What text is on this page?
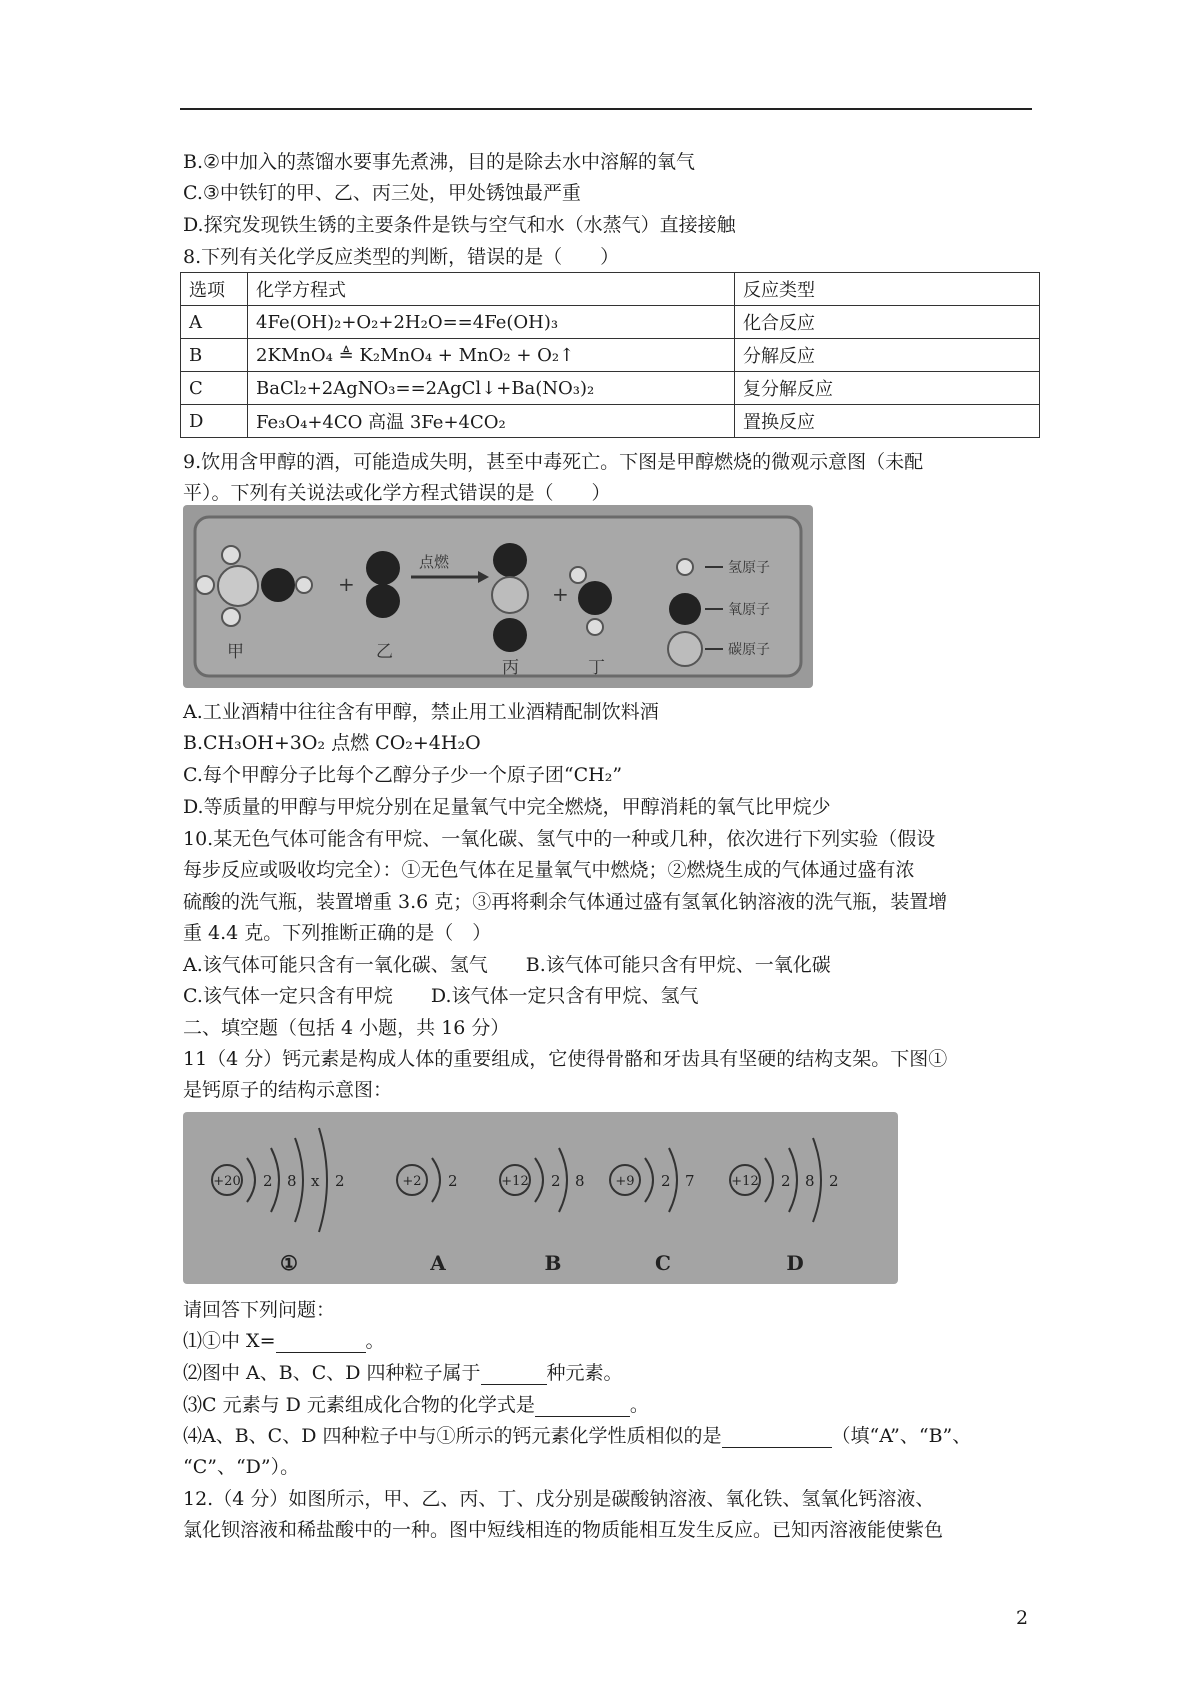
B.②中加入的蒸馏水要事先煮沸，目的是除去水中溶解的氧气
C.③中铁钉的甲、乙、丙三处，甲处锈蚀最严重
D.探究发现铁生锈的主要条件是铁与空气和水（水蒸气）直接接触
8.下列有关化学反应类型的判断，错误的是（　　）
选项	化学方程式	反应类型
A	4Fe(OH)₂+O₂+2H₂O==4Fe(OH)₃	化合反应
B	2KMnO₄ ≜ K₂MnO₄ + MnO₂ + O₂↑	分解反应
C	BaCl₂+2AgNO₃==2AgCl↓+Ba(NO₃)₂	复分解反应
D	Fe₃O₄+4CO 高温 3Fe+4CO₂	置换反应
9.饮用含甲醇的酒，可能造成失明，甚至中毒死亡。下图是甲醇燃烧的微观示意图（未配
平）。下列有关说法或化学方程式错误的是（　　）
+
点燃
+
甲	乙
丙	丁
氢原子
氧原子
碳原子
A.工业酒精中往往含有甲醇，禁止用工业酒精配制饮料酒
B.CH₃OH+3O₂ 点燃 CO₂+4H₂O
C.每个甲醇分子比每个乙醇分子少一个原子团“CH₂”
D.等质量的甲醇与甲烷分别在足量氧气中完全燃烧，甲醇消耗的氧气比甲烷少
10.某无色气体可能含有甲烷、一氧化碳、氢气中的一种或几种，依次进行下列实验（假设
每步反应或吸收均完全）：①无色气体在足量氧气中燃烧；②燃烧生成的气体通过盛有浓
硫酸的洗气瓶，装置增重 3.6 克；③再将剩余气体通过盛有氢氧化钠溶液的洗气瓶，装置增
重 4.4 克。下列推断正确的是（　）
A.该气体可能只含有一氧化碳、氢气　　B.该气体可能只含有甲烷、一氧化碳
C.该气体一定只含有甲烷　　D.该气体一定只含有甲烷、氢气
二、填空题（包括 4 小题，共 16 分）
11（4 分）钙元素是构成人体的重要组成，它使得骨骼和牙齿具有坚硬的结构支架。下图①
是钙原子的结构示意图：
+20 2 8 x 2
①
+2 2
A
+12 2 8
B
+9 2 7
C
+12 2 8 2
D
请回答下列问题：
⑴①中 X=	。
⑵图中 A、B、C、D 四种粒子属于	种元素。
⑶C 元素与 D 元素组成化合物的化学式是	。
⑷A、B、C、D 四种粒子中与①所示的钙元素化学性质相似的是	（填“A”、“B”、
“C”、“D”）。
12.（4 分）如图所示，甲、乙、丙、丁、戊分别是碳酸钠溶液、氧化铁、氢氧化钙溶液、
氯化钡溶液和稀盐酸中的一种。图中短线相连的物质能相互发生反应。已知丙溶液能使紫色
2
